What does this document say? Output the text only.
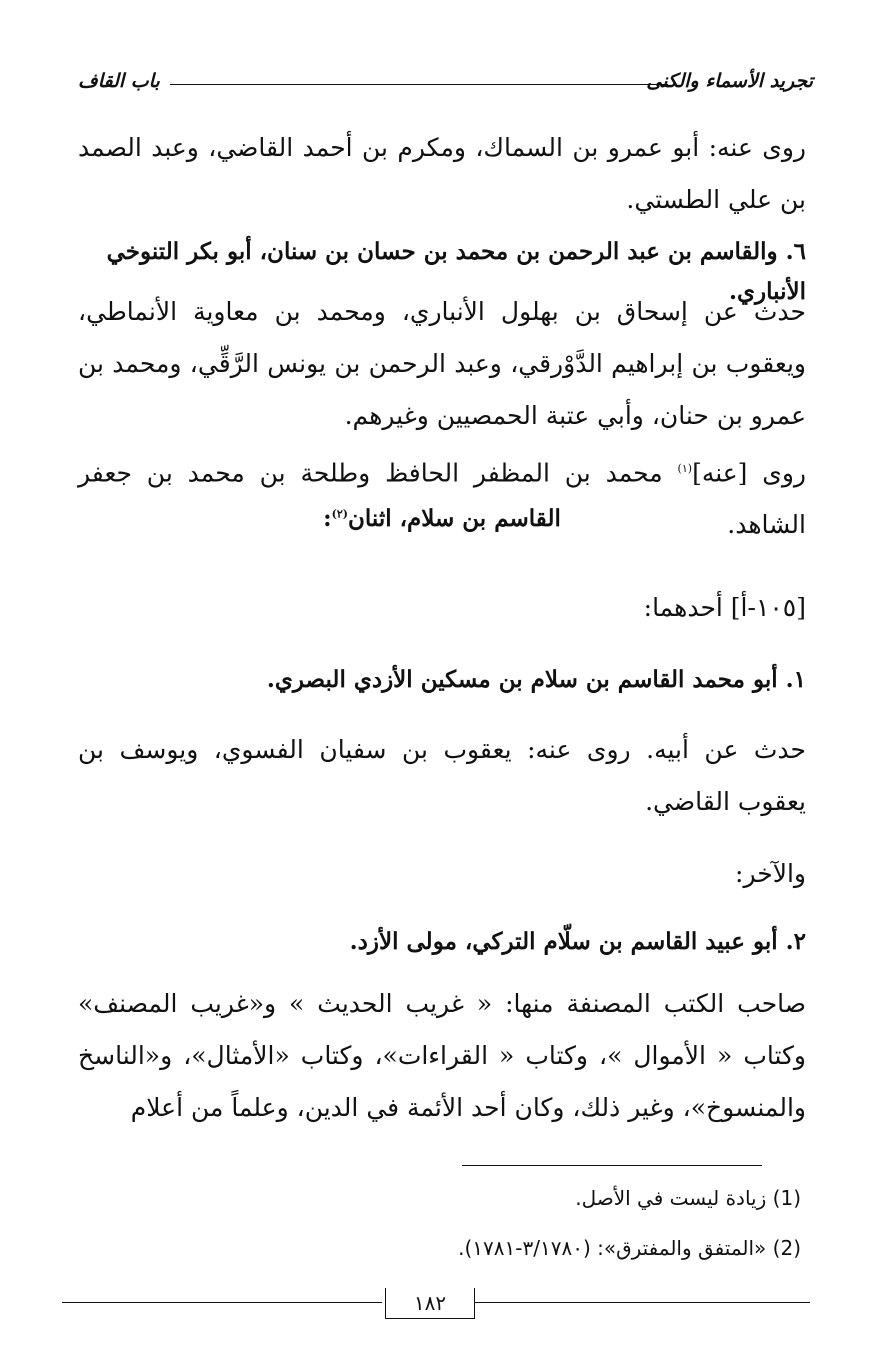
تجريد الأسماء والكنى
باب القاف
روى عنه: أبو عمرو بن السماك، ومكرم بن أحمد القاضي، وعبد الصمد بن علي الطستي.
٦. والقاسم بن عبد الرحمن بن محمد بن حسان بن سنان، أبو بكر التنوخي الأنباري.
حدث عن إسحاق بن بهلول الأنباري، ومحمد بن معاوية الأنماطي، ويعقوب بن إبراهيم الدَّوْرقي، وعبد الرحمن بن يونس الرَّقِّي، ومحمد بن عمرو بن حنان، وأبي عتبة الحمصيين وغيرهم.
روى [عنه]$^{(١)}$ محمد بن المظفر الحافظ وطلحة بن محمد بن جعفر الشاهد.
القاسم بن سلام، اثنان$^{(٢)}$:
[١٠٥-أ] أحدهما:
١. أبو محمد القاسم بن سلام بن مسكين الأزدي البصري.
حدث عن أبيه. روى عنه: يعقوب بن سفيان الفسوي، ويوسف بن يعقوب القاضي.
والآخر:
٢. أبو عبيد القاسم بن سلّام التركي، مولى الأزد.
صاحب الكتب المصنفة منها: « غريب الحديث » و«غريب المصنف» وكتاب « الأموال »، وكتاب « القراءات»، وكتاب «الأمثال»، و«الناسخ والمنسوخ»، وغير ذلك، وكان أحد الأئمة في الدين، وعلماً من أعلام
(1) زيادة ليست في الأصل.
(2) «المتفق والمفترق»: (٣/١٧٨٠-١٧٨١).
١٨٢
